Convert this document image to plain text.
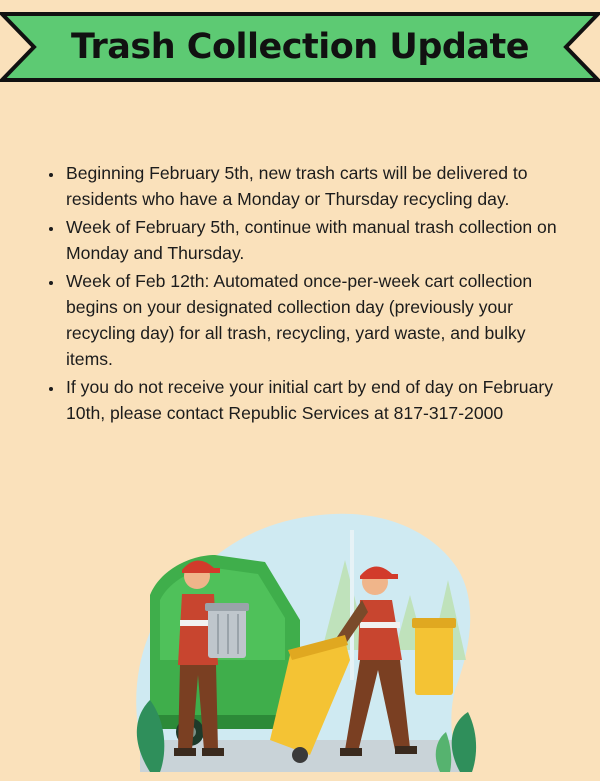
Trash Collection Update
• Beginning February 5th, new trash carts will be delivered to residents who have a Monday or Thursday recycling day.
• Week of February 5th, continue with manual trash collection on Monday and Thursday.
• Week of Feb 12th: Automated once-per-week cart collection begins on your designated collection day (previously your recycling day) for all trash, recycling, yard waste, and bulky items.
• If you do not receive your initial cart by end of day on February 10th, please contact Republic Services at 817-317-2000
